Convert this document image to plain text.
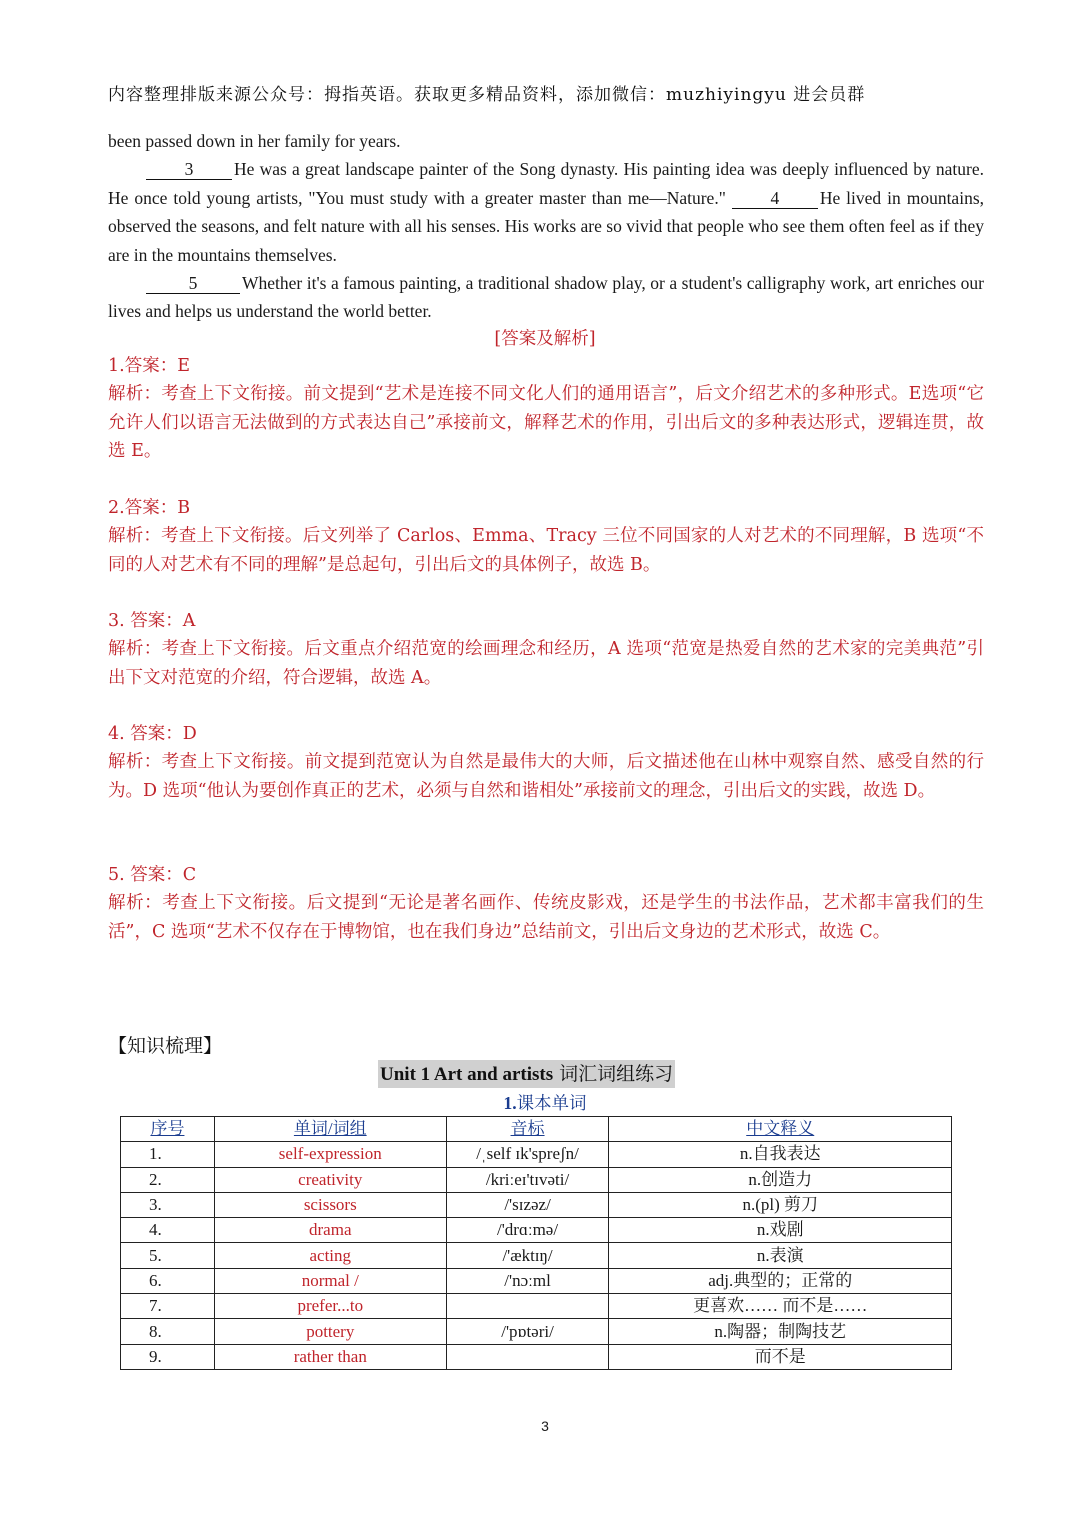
内容整理排版来源公众号：拇指英语。获取更多精品资料，添加微信：muzhiyingyu 进会员群
been passed down in her family for years.
3 He was a great landscape painter of the Song dynasty. His painting idea was deeply influenced by nature. He once told young artists, "You must study with a greater master than me—Nature."	4 He lived in mountains, observed the seasons, and felt nature with all his senses. His works are so vivid that people who see them often feel as if they are in the mountains themselves.
5	Whether it's a famous painting, a traditional shadow play, or a student's calligraphy work, art enriches our lives and helps us understand the world better.
[答案及解析]
1.答案：E
解析：考查上下文衔接。前文提到“艺术是连接不同文化人们的通用语言”，后文介绍艺术的多种形式。E选项“它允许人们以语言无法做到的方式表达自己”承接前文，解释艺术的作用，引出后文的多种表达形式，逻辑连贯，故选 E。
2.答案：B
解析：考查上下文衔接。后文列举了 Carlos、Emma、Tracy 三位不同国家的人对艺术的不同理解，B 选项“不同的人对艺术有不同的理解”是总起句，引出后文的具体例子，故选 B。
3. 答案：A
解析：考查上下文衔接。后文重点介绍范宽的绘画理念和经历，A 选项“范宽是热爱自然的艺术家的完美典范”引出下文对范宽的介绍，符合逻辑，故选 A。
4. 答案：D
解析：考查上下文衔接。前文提到范宽认为自然是最伟大的大师，后文描述他在山林中观察自然、感受自然的行为。D 选项“他认为要创作真正的艺术，必须与自然和谐相处”承接前文的理念，引出后文的实践，故选 D。
5. 答案：C
解析：考查上下文衔接。后文提到“无论是著名画作、传统皮影戏，还是学生的书法作品，艺术都丰富我们的生活”，C 选项“艺术不仅存在于博物馆，也在我们身边”总结前文，引出后文身边的艺术形式，故选 C。
【知识梳理】
Unit 1 Art and artists 词汇词组练习
1.课本单词
序号	单词/词组	音标	中文释义
1.	self-expression	/ˌself ɪk'spreʃn/	n.自我表达
2.	creativity	/kriːeɪ'tɪvəti/	n.创造力
3.	scissors	/'sɪzəz/	n.(pl) 剪刀
4.	drama	/'drɑːmə/	n.戏剧
5.	acting	/'æktɪŋ/	n.表演
6.	normal /	/'nɔːml	adj.典型的；正常的
7.	prefer...to		更喜欢…… 而不是……
8.	pottery	/'pɒtəri/	n.陶器；制陶技艺
9.	rather than		而不是
3
